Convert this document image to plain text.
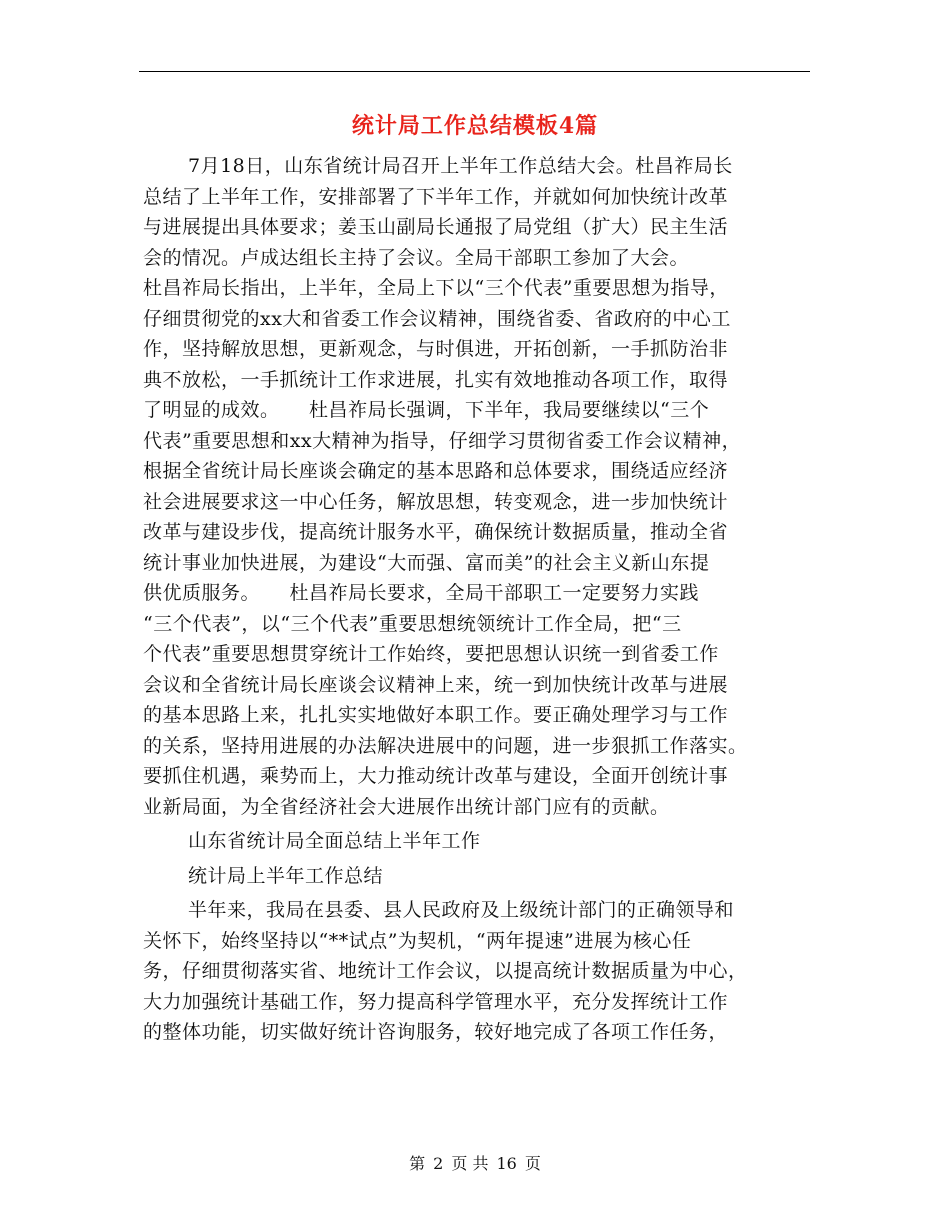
统计局工作总结模板4篇
7月18日，山东省统计局召开上半年工作总结大会。杜昌祚局长
总结了上半年工作，安排部署了下半年工作，并就如何加快统计改革
与进展提出具体要求；姜玉山副局长通报了局党组（扩大）民主生活
会的情况。卢成达组长主持了会议。全局干部职工参加了大会。
杜昌祚局长指出，上半年，全局上下以“三个代表”重要思想为指导，
仔细贯彻党的xx大和省委工作会议精神，围绕省委、省政府的中心工
作，坚持解放思想，更新观念，与时俱进，开拓创新，一手抓防治非
典不放松，一手抓统计工作求进展，扎实有效地推动各项工作，取得
了明显的成效。　　杜昌祚局长强调，下半年，我局要继续以“三个
代表”重要思想和xx大精神为指导，仔细学习贯彻省委工作会议精神，
根据全省统计局长座谈会确定的基本思路和总体要求，围绕适应经济
社会进展要求这一中心任务，解放思想，转变观念，进一步加快统计
改革与建设步伐，提高统计服务水平，确保统计数据质量，推动全省
统计事业加快进展，为建设“大而强、富而美”的社会主义新山东提
供优质服务。　　杜昌祚局长要求，全局干部职工一定要努力实践
“三个代表”，以“三个代表”重要思想统领统计工作全局，把“三
个代表”重要思想贯穿统计工作始终，要把思想认识统一到省委工作
会议和全省统计局长座谈会议精神上来，统一到加快统计改革与进展
的基本思路上来，扎扎实实地做好本职工作。要正确处理学习与工作
的关系，坚持用进展的办法解决进展中的问题，进一步狠抓工作落实。
要抓住机遇，乘势而上，大力推动统计改革与建设，全面开创统计事
业新局面，为全省经济社会大进展作出统计部门应有的贡献。
山东省统计局全面总结上半年工作
统计局上半年工作总结
半年来，我局在县委、县人民政府及上级统计部门的正确领导和
关怀下，始终坚持以“**试点”为契机，“两年提速”进展为核心任
务，仔细贯彻落实省、地统计工作会议，以提高统计数据质量为中心，
大力加强统计基础工作，努力提高科学管理水平，充分发挥统计工作
的整体功能，切实做好统计咨询服务，较好地完成了各项工作任务，
第 2 页 共 16 页
